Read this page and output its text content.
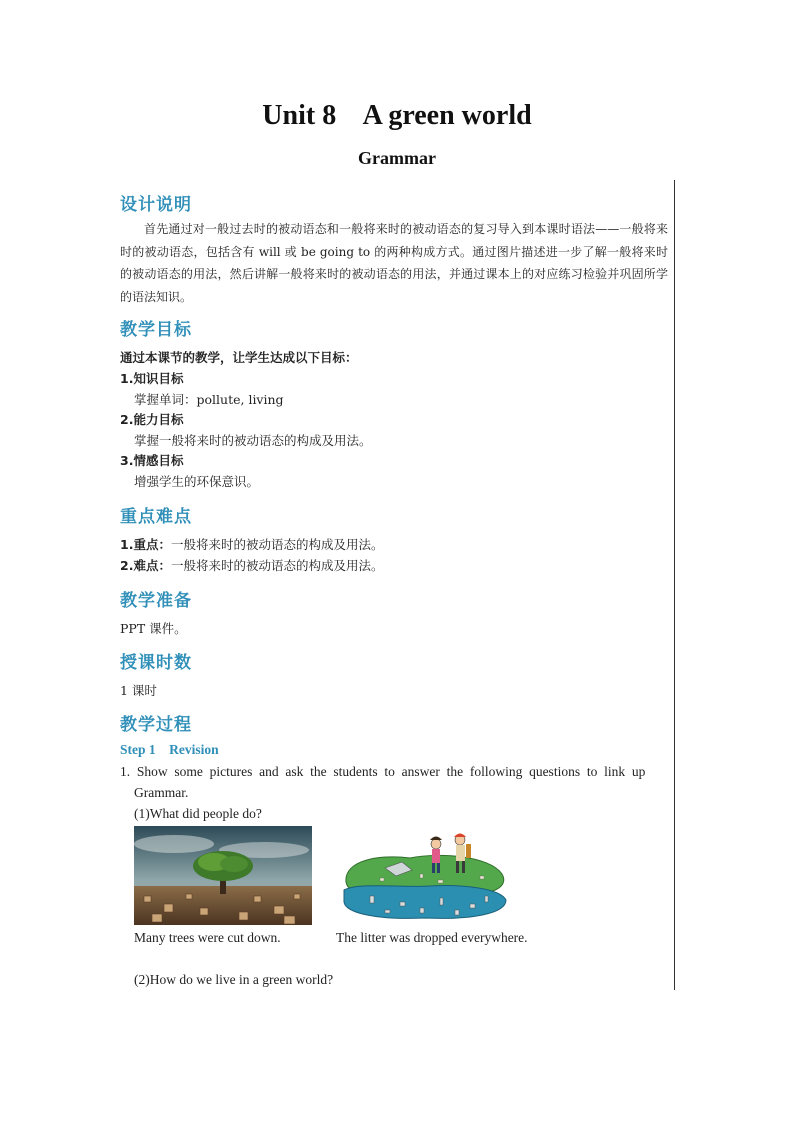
Unit 8    A green world
Grammar
设计说明
首先通过对一般过去时的被动语态和一般将来时的被动语态的复习导入到本课时语法——一般将来时的被动语态，包括含有 will 或 be going to 的两种构成方式。通过图片描述进一步了解一般将来时的被动语态的用法，然后讲解一般将来时的被动语态的用法，并通过课本上的对应练习检验并巩固所学的语法知识。
教学目标
通过本课节的教学，让学生达成以下目标：
1.知识目标
掌握单词：pollute, living
2.能力目标
掌握一般将来时的被动语态的构成及用法。
3.情感目标
增强学生的环保意识。
重点难点
1.重点：一般将来时的被动语态的构成及用法。
2.难点：一般将来时的被动语态的构成及用法。
教学准备
PPT 课件。
授课时数
1 课时
教学过程
Step 1    Revision
1.  Show  some  pictures  and  ask  the  students  to  answer  the  following  questions  to  link  up
Grammar.
(1)What did people do?
Many trees were cut down.	The litter was dropped everywhere.
(2)How do we live in a green world?
